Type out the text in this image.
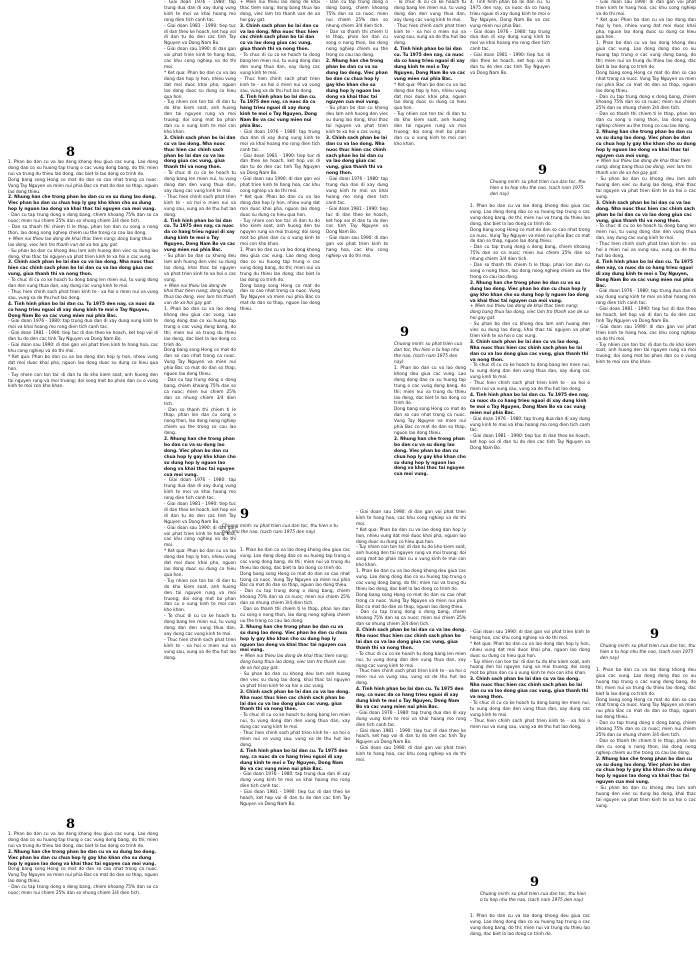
8

1. Phan bo dan cu va lao dong khong deu giua cac vung. Lao dong dong dao co xu huong tap trung o cac vung dong bang, do thi; mien nui va trung du thieu lao dong, dac biet la lao dong co trinh do.

Dong bang song Hong co mat do dan so cao nhat trong ca nuoc. Vung Tay Nguyen va mien nui phia Bac co mat do dan so thap, nguon lao dong thieu.

2. Nhung han che trong phan bo dan cu va su dung lao dong. Viec phan bo dan cu chua hop ly gay kho khan cho su dung hop ly nguon lao dong va khai thac tai nguyen cua moi vung.

- Dan cu tap trung dong o dong bang, chiem khoang 75% dan so ca nuoc; mien nui chiem 25% dan so nhung chiem 3/4 dien tich.

- Dan so thanh thi chiem ti le thap, phan lon dan cu song o nong thon, lao dong nong nghiep chiem uu the trong co cau lao dong.

+ Mien nui thieu lao dong de khai thac tiem nang; dong bang thua lao dong, viec lam tro thanh van de xa hoi gay gat.

- Su phan bo dan cu khong deu lam anh huong den viec su dung lao dong, khai thac tai nguyen va phat trien kinh te xa hoi o cac vung.

3. Chinh sach phan bo lai dan cu va lao dong. Nha nuoc thuc hien cac chinh sach phan bo lai dan cu va lao dong giua cac vung, giua thanh thi va nong thon.

- To chuc di cu co ke hoach tu dong bang len mien nui, tu vung dong dan den vung thua dan, xay dung cac vung kinh te moi.

- Thuc hien chinh sach phat trien kinh te - xa hoi o mien nui va vung sau, vung xa de thu hut lao dong.

4. Tinh hinh phan bo lai dan cu. Tu 1975 den nay, ca nuoc da co hang trieu nguoi di xay dung kinh te moi o Tay Nguyen, Dong Nam Bo va cac vung mien nui phia Bac.

- Giai doan 1976 - 1980: tap trung dua dan di xay dung vung kinh te moi va khai hoang mo rong dien tich canh tac.

- Giai doan 1981 - 1990: tiep tuc di dan theo ke hoach, ket hop voi di dan tu do den cac tinh Tay Nguyen va Dong Nam Bo.

- Giai doan sau 1990: di dan gan voi phat trien kinh te hang hoa, cac khu cong nghiep va do thi moi.

* Ket qua: Phan bo dan cu va lao dong dan hop ly hon, nhieu vung dat moi duoc khai pha, nguon lao dong duoc su dung co hieu qua hon.

- Tuy nhien con ton tai: di dan tu do kho kiem soat, anh huong den tai nguyen rung va moi truong; doi song mot bo phan dan cu o vung kinh te moi con kho khan.

8

1. Phan bo dan cu va lao dong khong deu giua cac vung. Lao dong dong dao co xu huong tap trung o cac vung dong bang, do thi; mien nui va trung du thieu lao dong, dac biet la lao dong co trinh do.

2. Nhung han che trong phan bo dan cu va su dung lao dong. Viec phan bo dan cu chua hop ly gay kho khan cho su dung hop ly nguon lao dong va khai thac tai nguyen cua moi vung.

Dong bang song Hong co mat do dan so cao nhat trong ca nuoc. Vung Tay Nguyen va mien nui phia Bac co mat do dan so thap, nguon lao dong thieu.

- Dan cu tap trung dong o dong bang, chiem khoang 75% dan so ca nuoc; mien nui chiem 25% dan so nhung chiem 3/4 dien tich.

- Giai doan 1976 - 1980: tap trung dua dan di xay dung vung kinh te moi va khai hoang mo rong dien tich canh tac.

- Giai doan 1981 - 1990: tiep tuc di dan theo ke hoach, ket hop voi di dan tu do den cac tinh Tay Nguyen va Dong Nam Bo.

- Giai doan sau 1990: di dan gan voi phat trien kinh te hang hoa, cac khu cong nghiep va do thi moi.

* Ket qua: Phan bo dan cu va lao dong dan hop ly hon, nhieu vung dat moi duoc khai pha, nguon lao dong duoc su dung co hieu qua hon.

- Tuy nhien con ton tai: di dan tu do kho kiem soat, anh huong den tai nguyen rung va moi truong; doi song mot bo phan dan cu o vung kinh te moi con kho khan.

3. Chinh sach phan bo lai dan cu va lao dong. Nha nuoc thuc hien cac chinh sach phan bo lai dan cu va lao dong giua cac vung, giua thanh thi va nong thon.

- To chuc di cu co ke hoach tu dong bang len mien nui, tu vung dong dan den vung thua dan, xay dung cac vung kinh te moi.

- Thuc hien chinh sach phat trien kinh te - xa hoi o mien nui va vung sau, vung xa de thu hut lao dong.

4. Tinh hinh phan bo lai dan cu. Tu 1975 den nay, ca nuoc da co hang trieu nguoi di xay dung kinh te moi o Tay Nguyen, Dong Nam Bo va cac vung mien nui phia Bac.

- Su phan bo dan cu khong deu lam anh huong den viec su dung lao dong, khai thac tai nguyen va phat trien kinh te xa hoi o cac vung.

+ Mien nui thieu lao dong de khai thac tiem nang; dong bang thua lao dong, viec lam tro thanh van de xa hoi gay gat.

1. Phan bo dan cu va lao dong khong deu giua cac vung. Lao dong dong dao co xu huong tap trung o cac vung dong bang, do thi; mien nui va trung du thieu lao dong, dac biet la lao dong co trinh do.

Dong bang song Hong co mat do dan so cao nhat trong ca nuoc. Vung Tay Nguyen va mien nui phia Bac co mat do dan so thap, nguon lao dong thieu.

- Dan cu tap trung dong o dong bang, chiem khoang 75% dan so ca nuoc; mien nui chiem 25% dan so nhung chiem 3/4 dien tich.

- Dan so thanh thi chiem ti le thap, phan lon dan cu song o nong thon, lao dong nong nghiep chiem uu the trong co cau lao dong.

2. Nhung han che trong phan bo dan cu va su dung lao dong. Viec phan bo dan cu chua hop ly gay kho khan cho su dung hop ly nguon lao dong va khai thac tai nguyen cua moi vung.

- Giai doan 1976 - 1980: tap trung dua dan di xay dung vung kinh te moi va khai hoang mo rong dien tich canh tac.

- Giai doan 1981 - 1990: tiep tuc di dan theo ke hoach, ket hop voi di dan tu do den cac tinh Tay Nguyen va Dong Nam Bo.

- Giai doan sau 1990: di dan gan voi phat trien kinh te hang hoa, cac khu cong nghiep va do thi moi.

* Ket qua: Phan bo dan cu va lao dong dan hop ly hon, nhieu vung dat moi duoc khai pha, nguon lao dong duoc su dung co hieu qua hon.

- Tuy nhien con ton tai: di dan tu do kho kiem soat, anh huong den tai nguyen rung va moi truong; doi song mot bo phan dan cu o vung kinh te moi con kho khan.

- To chuc di cu co ke hoach tu dong bang len mien nui, tu vung dong dan den vung thua dan, xay dung cac vung kinh te moi.

- Thuc hien chinh sach phat trien kinh te - xa hoi o mien nui va vung sau, vung xa de thu hut lao dong.

+ Mien nui thieu lao dong de khai thac tiem nang; dong bang thua lao dong, viec lam tro thanh van de xa hoi gay gat.

3. Chinh sach phan bo lai dan cu va lao dong. Nha nuoc thuc hien cac chinh sach phan bo lai dan cu va lao dong giua cac vung, giua thanh thi va nong thon.

- To chuc di cu co ke hoach tu dong bang len mien nui, tu vung dong dan den vung thua dan, xay dung cac vung kinh te moi.

- Thuc hien chinh sach phat trien kinh te - xa hoi o mien nui va vung sau, vung xa de thu hut lao dong.

4. Tinh hinh phan bo lai dan cu. Tu 1975 den nay, ca nuoc da co hang trieu nguoi di xay dung kinh te moi o Tay Nguyen, Dong Nam Bo va cac vung mien nui phia Bac.

- Giai doan 1976 - 1980: tap trung dua dan di xay dung vung kinh te moi va khai hoang mo rong dien tich canh tac.

- Giai doan 1981 - 1990: tiep tuc di dan theo ke hoach, ket hop voi di dan tu do den cac tinh Tay Nguyen va Dong Nam Bo.

- Giai doan sau 1990: di dan gan voi phat trien kinh te hang hoa, cac khu cong nghiep va do thi moi.

* Ket qua: Phan bo dan cu va lao dong dan hop ly hon, nhieu vung dat moi duoc khai pha, nguon lao dong duoc su dung co hieu qua hon.

- Tuy nhien con ton tai: di dan tu do kho kiem soat, anh huong den tai nguyen rung va moi truong; doi song mot bo phan dan cu o vung kinh te moi con kho khan.

1. Phan bo dan cu va lao dong khong deu giua cac vung. Lao dong dong dao co xu huong tap trung o cac vung dong bang, do thi; mien nui va trung du thieu lao dong, dac biet la lao dong co trinh do.

Dong bang song Hong co mat do dan so cao nhat trong ca nuoc. Vung Tay Nguyen va mien nui phia Bac co mat do dan so thap, nguon lao dong thieu.

- Dan cu tap trung dong o dong bang, chiem khoang 75% dan so ca nuoc; mien nui chiem 25% dan so nhung chiem 3/4 dien tich.

- Dan so thanh thi chiem ti le thap, phan lon dan cu song o nong thon, lao dong nong nghiep chiem uu the trong co cau lao dong.

2. Nhung han che trong phan bo dan cu va su dung lao dong. Viec phan bo dan cu chua hop ly gay kho khan cho su dung hop ly nguon lao dong va khai thac tai nguyen cua moi vung.

- Su phan bo dan cu khong deu lam anh huong den viec su dung lao dong, khai thac tai nguyen va phat trien kinh te xa hoi o cac vung.

3. Chinh sach phan bo lai dan cu va lao dong. Nha nuoc thuc hien cac chinh sach phan bo lai dan cu va lao dong giua cac vung, giua thanh thi va nong thon.

- Giai doan 1976 - 1980: tap trung dua dan di xay dung vung kinh te moi va khai hoang mo rong dien tich canh tac.

- Giai doan 1981 - 1990: tiep tuc di dan theo ke hoach, ket hop voi di dan tu do den cac tinh Tay Nguyen va Dong Nam Bo.

- Giai doan sau 1990: di dan gan voi phat trien kinh te hang hoa, cac khu cong nghiep va do thi moi.

- To chuc di cu co ke hoach tu dong bang len mien nui, tu vung dong dan den vung thua dan, xay dung cac vung kinh te moi.

- Thuc hien chinh sach phat trien kinh te - xa hoi o mien nui va vung sau, vung xa de thu hut lao dong.

4. Tinh hinh phan bo lai dan cu. Tu 1975 den nay, ca nuoc da co hang trieu nguoi di xay dung kinh te moi o Tay Nguyen, Dong Nam Bo va cac vung mien nui phia Bac.

* Ket qua: Phan bo dan cu va lao dong dan hop ly hon, nhieu vung dat moi duoc khai pha, nguon lao dong duoc su dung co hieu qua hon.

- Tuy nhien con ton tai: di dan tu do kho kiem soat, anh huong den tai nguyen rung va moi truong; doi song mot bo phan dan cu o vung kinh te moi con kho khan.

9

Chuong minh: su phat trien cua dan toc, thu hien o tu hop nhu the nao, (sach nam 1975 den nay)

1. Phan bo dan cu va lao dong khong deu giua cac vung. Lao dong dong dao co xu huong tap trung o cac vung dong bang, do thi; mien nui va trung du thieu lao dong, dac biet la lao dong co trinh do.

Dong bang song Hong co mat do dan so cao nhat trong ca nuoc. Vung Tay Nguyen va mien nui phia Bac co mat do dan so thap, nguon lao dong thieu.

2. Nhung han che trong phan bo dan cu va su dung lao dong. Viec phan bo dan cu chua hop ly gay kho khan cho su dung hop ly nguon lao dong va khai thac tai nguyen cua moi vung.

9

Chuong minh: su phat trien cua dan toc, thu hien o tu hop nhu the nao, (sach nam 1975 den nay)

1. Phan bo dan cu va lao dong khong deu giua cac vung. Lao dong dong dao co xu huong tap trung o cac vung dong bang, do thi; mien nui va trung du thieu lao dong, dac biet la lao dong co trinh do.

Dong bang song Hong co mat do dan so cao nhat trong ca nuoc. Vung Tay Nguyen va mien nui phia Bac co mat do dan so thap, nguon lao dong thieu.

- Dan cu tap trung dong o dong bang, chiem khoang 75% dan so ca nuoc; mien nui chiem 25% dan so nhung chiem 3/4 dien tich.

- Dan so thanh thi chiem ti le thap, phan lon dan cu song o nong thon, lao dong nong nghiep chiem uu the trong co cau lao dong.

2. Nhung han che trong phan bo dan cu va su dung lao dong. Viec phan bo dan cu chua hop ly gay kho khan cho su dung hop ly nguon lao dong va khai thac tai nguyen cua moi vung.

+ Mien nui thieu lao dong de khai thac tiem nang; dong bang thua lao dong, viec lam tro thanh van de xa hoi gay gat.

- Su phan bo dan cu khong deu lam anh huong den viec su dung lao dong, khai thac tai nguyen va phat trien kinh te xa hoi o cac vung.

3. Chinh sach phan bo lai dan cu va lao dong. Nha nuoc thuc hien cac chinh sach phan bo lai dan cu va lao dong giua cac vung, giua thanh thi va nong thon.

- To chuc di cu co ke hoach tu dong bang len mien nui, tu vung dong dan den vung thua dan, xay dung cac vung kinh te moi.

- Thuc hien chinh sach phat trien kinh te - xa hoi o mien nui va vung sau, vung xa de thu hut lao dong.

4. Tinh hinh phan bo lai dan cu. Tu 1975 den nay, ca nuoc da co hang trieu nguoi di xay dung kinh te moi o Tay Nguyen, Dong Nam Bo va cac vung mien nui phia Bac.

- Giai doan 1976 - 1980: tap trung dua dan di xay dung vung kinh te moi va khai hoang mo rong dien tich canh tac.

- Giai doan 1981 - 1990: tiep tuc di dan theo ke hoach, ket hop voi di dan tu do den cac tinh Tay Nguyen va Dong Nam Bo.

- Giai doan sau 1990: di dan gan voi phat trien kinh te hang hoa, cac khu cong nghiep va do thi moi.

* Ket qua: Phan bo dan cu va lao dong dan hop ly hon, nhieu vung dat moi duoc khai pha, nguon lao dong duoc su dung co hieu qua hon.

- Tuy nhien con ton tai: di dan tu do kho kiem soat, anh huong den tai nguyen rung va moi truong; doi song mot bo phan dan cu o vung kinh te moi con kho khan.

1. Phan bo dan cu va lao dong khong deu giua cac vung. Lao dong dong dao co xu huong tap trung o cac vung dong bang, do thi; mien nui va trung du thieu lao dong, dac biet la lao dong co trinh do.

Dong bang song Hong co mat do dan so cao nhat trong ca nuoc. Vung Tay Nguyen va mien nui phia Bac co mat do dan so thap, nguon lao dong thieu.

- Dan cu tap trung dong o dong bang, chiem khoang 75% dan so ca nuoc; mien nui chiem 25% dan so nhung chiem 3/4 dien tich.

3. Chinh sach phan bo lai dan cu va lao dong. Nha nuoc thuc hien cac chinh sach phan bo lai dan cu va lao dong giua cac vung, giua thanh thi va nong thon.

- To chuc di cu co ke hoach tu dong bang len mien nui, tu vung dong dan den vung thua dan, xay dung cac vung kinh te moi.

- Thuc hien chinh sach phat trien kinh te - xa hoi o mien nui va vung sau, vung xa de thu hut lao dong.

4. Tinh hinh phan bo lai dan cu. Tu 1975 den nay, ca nuoc da co hang trieu nguoi di xay dung kinh te moi o Tay Nguyen, Dong Nam Bo va cac vung mien nui phia Bac.

- Giai doan 1976 - 1980: tap trung dua dan di xay dung vung kinh te moi va khai hoang mo rong dien tich canh tac.

- Giai doan 1981 - 1990: tiep tuc di dan theo ke hoach, ket hop voi di dan tu do den cac tinh Tay Nguyen va Dong Nam Bo.

- Giai doan sau 1990: di dan gan voi phat trien kinh te hang hoa, cac khu cong nghiep va do thi moi.

4. Tinh hinh phan bo lai dan cu. Tu 1975 den nay, ca nuoc da co hang trieu nguoi di xay dung kinh te moi o Tay Nguyen, Dong Nam Bo va cac vung mien nui phia Bac.

- Giai doan 1976 - 1980: tap trung dua dan di xay dung vung kinh te moi va khai hoang mo rong dien tich canh tac.

- Giai doan 1981 - 1990: tiep tuc di dan theo ke hoach, ket hop voi di dan tu do den cac tinh Tay Nguyen va Dong Nam Bo.

9

Chuong minh: su phat trien cua dan toc, thu hien o tu hop nhu the nao, (sach nam 1975 den nay)

1. Phan bo dan cu va lao dong khong deu giua cac vung. Lao dong dong dao co xu huong tap trung o cac vung dong bang, do thi; mien nui va trung du thieu lao dong, dac biet la lao dong co trinh do.

Dong bang song Hong co mat do dan so cao nhat trong ca nuoc. Vung Tay Nguyen va mien nui phia Bac co mat do dan so thap, nguon lao dong thieu.

- Dan cu tap trung dong o dong bang, chiem khoang 75% dan so ca nuoc; mien nui chiem 25% dan so nhung chiem 3/4 dien tich.

- Dan so thanh thi chiem ti le thap, phan lon dan cu song o nong thon, lao dong nong nghiep chiem uu the trong co cau lao dong.

2. Nhung han che trong phan bo dan cu va su dung lao dong. Viec phan bo dan cu chua hop ly gay kho khan cho su dung hop ly nguon lao dong va khai thac tai nguyen cua moi vung.

+ Mien nui thieu lao dong de khai thac tiem nang; dong bang thua lao dong, viec lam tro thanh van de xa hoi gay gat.

- Su phan bo dan cu khong deu lam anh huong den viec su dung lao dong, khai thac tai nguyen va phat trien kinh te xa hoi o cac vung.

3. Chinh sach phan bo lai dan cu va lao dong. Nha nuoc thuc hien cac chinh sach phan bo lai dan cu va lao dong giua cac vung, giua thanh thi va nong thon.

- To chuc di cu co ke hoach tu dong bang len mien nui, tu vung dong dan den vung thua dan, xay dung cac vung kinh te moi.

- Thuc hien chinh sach phat trien kinh te - xa hoi o mien nui va vung sau, vung xa de thu hut lao dong.

4. Tinh hinh phan bo lai dan cu. Tu 1975 den nay, ca nuoc da co hang trieu nguoi di xay dung kinh te moi o Tay Nguyen, Dong Nam Bo va cac vung mien nui phia Bac.

- Giai doan 1976 - 1980: tap trung dua dan di xay dung vung kinh te moi va khai hoang mo rong dien tich canh tac.

- Giai doan 1981 - 1990: tiep tuc di dan theo ke hoach, ket hop voi di dan tu do den cac tinh Tay Nguyen va Dong Nam Bo.

- Giai doan sau 1990: di dan gan voi phat trien kinh te hang hoa, cac khu cong nghiep va do thi moi.

* Ket qua: Phan bo dan cu va lao dong dan hop ly hon, nhieu vung dat moi duoc khai pha, nguon lao dong duoc su dung co hieu qua hon.

1. Phan bo dan cu va lao dong khong deu giua cac vung. Lao dong dong dao co xu huong tap trung o cac vung dong bang, do thi; mien nui va trung du thieu lao dong, dac biet la lao dong co trinh do.

Dong bang song Hong co mat do dan so cao nhat trong ca nuoc. Vung Tay Nguyen va mien nui phia Bac co mat do dan so thap, nguon lao dong thieu.

- Dan cu tap trung dong o dong bang, chiem khoang 75% dan so ca nuoc; mien nui chiem 25% dan so nhung chiem 3/4 dien tich.

- Dan so thanh thi chiem ti le thap, phan lon dan cu song o nong thon, lao dong nong nghiep chiem uu the trong co cau lao dong.

2. Nhung han che trong phan bo dan cu va su dung lao dong. Viec phan bo dan cu chua hop ly gay kho khan cho su dung hop ly nguon lao dong va khai thac tai nguyen cua moi vung.

+ Mien nui thieu lao dong de khai thac tiem nang; dong bang thua lao dong, viec lam tro thanh van de xa hoi gay gat.

- Su phan bo dan cu khong deu lam anh huong den viec su dung lao dong, khai thac tai nguyen va phat trien kinh te xa hoi o cac vung.

3. Chinh sach phan bo lai dan cu va lao dong. Nha nuoc thuc hien cac chinh sach phan bo lai dan cu va lao dong giua cac vung, giua thanh thi va nong thon.

- To chuc di cu co ke hoach tu dong bang len mien nui, tu vung dong dan den vung thua dan, xay dung cac vung kinh te moi.

- Thuc hien chinh sach phat trien kinh te - xa hoi o mien nui va vung sau, vung xa de thu hut lao dong.

4. Tinh hinh phan bo lai dan cu. Tu 1975 den nay, ca nuoc da co hang trieu nguoi di xay dung kinh te moi o Tay Nguyen, Dong Nam Bo va cac vung mien nui phia Bac.

- Giai doan 1976 - 1980: tap trung dua dan di xay dung vung kinh te moi va khai hoang mo rong dien tich canh tac.

- Giai doan 1981 - 1990: tiep tuc di dan theo ke hoach, ket hop voi di dan tu do den cac tinh Tay Nguyen va Dong Nam Bo.

- Giai doan sau 1990: di dan gan voi phat trien kinh te hang hoa, cac khu cong nghiep va do thi moi.

- Tuy nhien con ton tai: di dan tu do kho kiem soat, anh huong den tai nguyen rung va moi truong; doi song mot bo phan dan cu o vung kinh te moi con kho khan.

9

Chuong minh: su phat trien cua dan toc, thu hien o tu hop nhu the nao, (sach nam 1975 den nay)

1. Phan bo dan cu va lao dong khong deu giua cac vung. Lao dong dong dao co xu huong tap trung o cac vung dong bang, do thi; mien nui va trung du thieu lao dong, dac biet la lao dong co trinh do.

Dong bang song Hong co mat do dan so cao nhat trong ca nuoc. Vung Tay Nguyen va mien nui phia Bac co mat do dan so thap, nguon lao dong thieu.

- Dan cu tap trung dong o dong bang, chiem khoang 75% dan so ca nuoc; mien nui chiem 25% dan so nhung chiem 3/4 dien tich.

- Dan so thanh thi chiem ti le thap, phan lon dan cu song o nong thon, lao dong nong nghiep chiem uu the trong co cau lao dong.

2. Nhung han che trong phan bo dan cu va su dung lao dong. Viec phan bo dan cu chua hop ly gay kho khan cho su dung hop ly nguon lao dong va khai thac tai nguyen cua moi vung.

- Su phan bo dan cu khong deu lam anh huong den viec su dung lao dong, khai thac tai nguyen va phat trien kinh te xa hoi o cac vung.

- Giai doan sau 1990: di dan gan voi phat trien kinh te hang hoa, cac khu cong nghiep va do thi moi.

* Ket qua: Phan bo dan cu va lao dong dan hop ly hon, nhieu vung dat moi duoc khai pha, nguon lao dong duoc su dung co hieu qua hon.

- Tuy nhien con ton tai: di dan tu do kho kiem soat, anh huong den tai nguyen rung va moi truong; doi song mot bo phan dan cu o vung kinh te moi con kho khan.

3. Chinh sach phan bo lai dan cu va lao dong. Nha nuoc thuc hien cac chinh sach phan bo lai dan cu va lao dong giua cac vung, giua thanh thi va nong thon.

- To chuc di cu co ke hoach tu dong bang len mien nui, tu vung dong dan den vung thua dan, xay dung cac vung kinh te moi.

- Thuc hien chinh sach phat trien kinh te - xa hoi o mien nui va vung sau, vung xa de thu hut lao dong.

9

Chuong minh: su phat trien cua dan toc, thu hien o tu hop nhu the nao, (sach nam 1975 den nay)

1. Phan bo dan cu va lao dong khong deu giua cac vung. Lao dong dong dao co xu huong tap trung o cac vung dong bang, do thi; mien nui va trung du thieu lao dong, dac biet la lao dong co trinh do.
